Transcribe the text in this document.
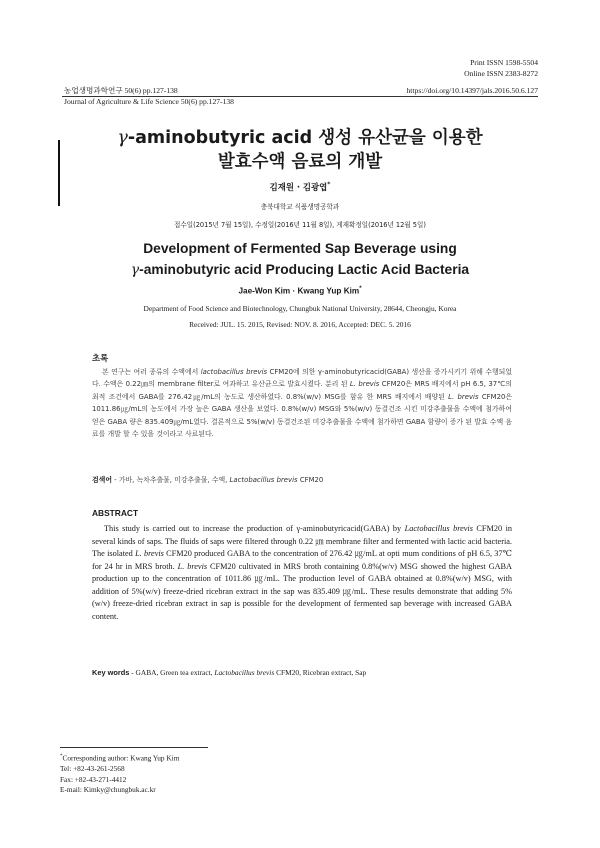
Print ISSN 1598-5504
Online ISSN 2383-8272
농업생명과학연구 50(6) pp.127-138
Journal of Agriculture & Life Science 50(6) pp.127-138
https://doi.org/10.14397/jals.2016.50.6.127
γ-aminobutyric acid 생성 유산균을 이용한
발효수액 음료의 개발
김재원 · 김광엽*
충북대학교 식품생명공학과
접수일(2015년 7월 15일), 수정일(2016년 11월 8일), 게재확정일(2016년 12월 5일)
Development of Fermented Sap Beverage using
γ-aminobutyric acid Producing Lactic Acid Bacteria
Jae-Won Kim · Kwang Yup Kim*
Department of Food Science and Biotechnology, Chungbuk National University, 28644, Cheongju, Korea
Received: JUL. 15. 2015, Revised: NOV. 8. 2016, Accepted: DEC. 5. 2016
초록
본 연구는 여러 종류의 수액에서 lactobacillus brevis CFM20에 의한 γ-aminobutyricacid(GABA) 생산을 증가시키기 위해 수행되었다. 수액은 0.22㎛의 membrane filter로 여과하고 유산균으로 발효시켰다. 분리 된 L. brevis CFM20은 MRS 배지에서 pH 6.5, 37℃의 최적 조건에서 GABA를 276.42㎍/mL의 농도로 생산하였다. 0.8%(w/v) MSG를 함유 한 MRS 배지에서 배양된 L. brevis CFM20은 1011.86㎍/mL의 농도에서 가장 높은 GABA 생산을 보였다. 0.8%(w/v) MSG와 5%(w/v) 동결건조 시킨 미강추출물을 수액에 첨가하여 얻은 GABA 량은 835.409㎍/mL였다. 결론적으로 5%(w/v) 동결건조된 미강추출물을 수액에 첨가하면 GABA 함량이 증가 된 발효 수액 음료를 개발 할 수 있을 것이라고 사료된다.
검색어 - 가바, 녹차추출물, 미강추출물, 수액, Lactobacillus brevis CFM20
ABSTRACT
This study is carried out to increase the production of γ-aminobutyricacid(GABA) by Lactobacillus brevis CFM20 in several kinds of saps. The fluids of saps were filtered through 0.22 ㎛ membrane filter and fermented with lactic acid bacteria. The isolated L. brevis CFM20 produced GABA to the concentration of 276.42 ㎍/mL at opti mum conditions of pH 6.5, 37℃ for 24 hr in MRS broth. L. brevis CFM20 cultivated in MRS broth containing 0.8%(w/v) MSG showed the highest GABA production up to the concentration of 1011.86 ㎍/mL. The production level of GABA obtained at 0.8%(w/v) MSG, with addition of 5%(w/v) freeze-dried ricebran extract in the sap was 835.409 ㎍/mL. These results demonstrate that adding 5%(w/v) freeze-dried ricebran extract in sap is possible for the development of fermented sap beverage with increased GABA content.
Key words - GABA, Green tea extract, Lactobacillus brevis CFM20, Ricebran extract, Sap
*Corresponding author: Kwang Yup Kim
Tel: +82-43-261-2568
Fax: +82-43-271-4412
E-mail: Kimky@chungbuk.ac.kr
